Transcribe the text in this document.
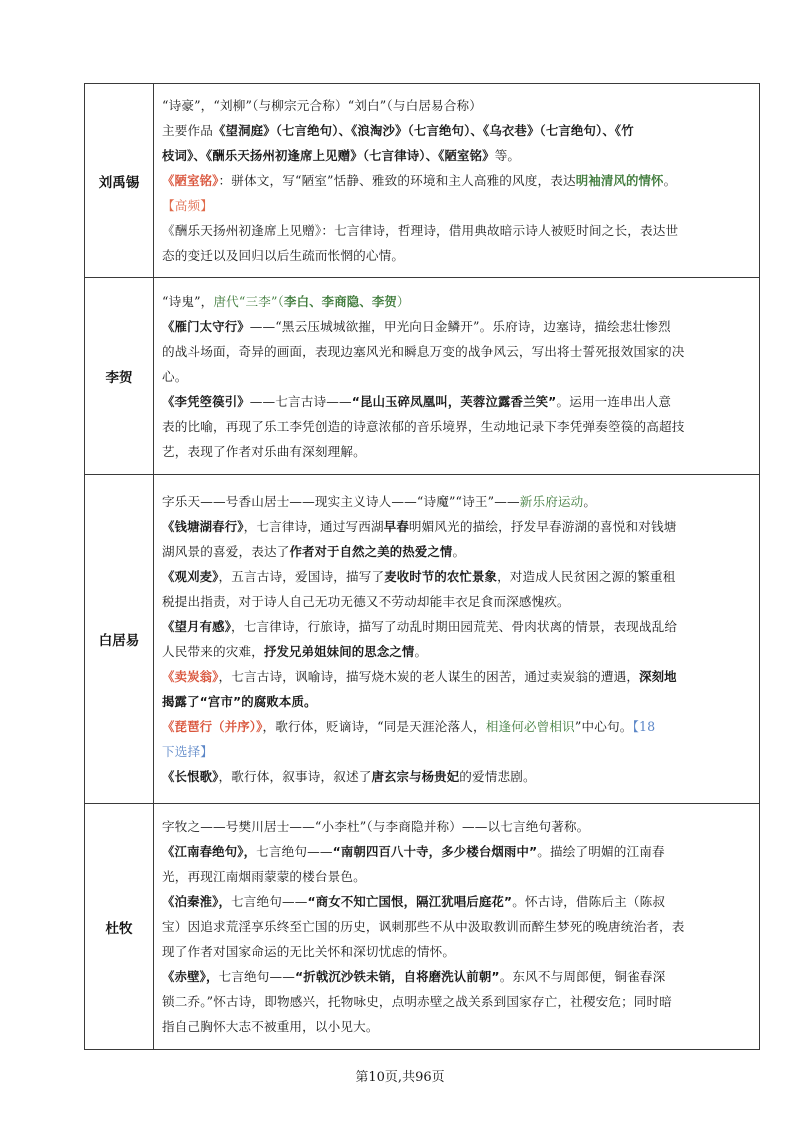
刘禹锡	
“诗豪”，“刘柳”（与柳宗元合称）“刘白”（与白居易合称）
主要作品《望洞庭》（七言绝句）、《浪淘沙》（七言绝句）、《乌衣巷》（七言绝句）、《竹
枝词》、《酬乐天扬州初逢席上见赠》（七言律诗）、《陋室铭》等。
《陋室铭》：骈体文，写“陋室”恬静、雅致的环境和主人高雅的风度，表达明袖清风的情怀。
【高频】
《酬乐天扬州初逢席上见赠》：七言律诗，哲理诗，借用典故暗示诗人被贬时间之长，表达世
态的变迁以及回归以后生疏而怅惘的心情。

李贺	
“诗鬼”，唐代“三李”（李白、李商隐、李贺）
《雁门太守行》——“黑云压城城欲摧，甲光向日金鳞开”。乐府诗，边塞诗，描绘悲壮惨烈
的战斗场面，奇异的画面，表现边塞风光和瞬息万变的战争风云，写出将士誓死报效国家的决
心。
《李凭箜篌引》——七言古诗——“昆山玉碎凤凰叫，芙蓉泣露香兰笑”。运用一连串出人意
表的比喻，再现了乐工李凭创造的诗意浓郁的音乐境界，生动地记录下李凭弹奏箜篌的高超技
艺，表现了作者对乐曲有深刻理解。

白居易	
字乐天——号香山居士——现实主义诗人——“诗魔”“诗王”——新乐府运动。
《钱塘湖春行》，七言律诗，通过写西湖早春明媚风光的描绘，抒发早春游湖的喜悦和对钱塘
湖风景的喜爱，表达了作者对于自然之美的热爱之情。
《观刈麦》，五言古诗，爱国诗，描写了麦收时节的农忙景象，对造成人民贫困之源的繁重租
税提出指责，对于诗人自己无功无德又不劳动却能丰衣足食而深感愧疚。
《望月有感》，七言律诗，行旅诗，描写了动乱时期田园荒芜、骨肉状离的情景，表现战乱给
人民带来的灾难，抒发兄弟姐妹间的思念之情。
《卖炭翁》，七言古诗，讽喻诗，描写烧木炭的老人谋生的困苦，通过卖炭翁的遭遇，深刻地
揭露了“宫市”的腐败本质。
《琵琶行（并序）》，歌行体，贬谪诗，“同是天涯沦落人，相逢何必曾相识”中心句。【18
下选择】
《长恨歌》，歌行体，叙事诗，叙述了唐玄宗与杨贵妃的爱情悲剧。

杜牧	
字牧之——号樊川居士——“小李杜”（与李商隐并称）——以七言绝句著称。
《江南春绝句》，七言绝句——“南朝四百八十寺，多少楼台烟雨中”。描绘了明媚的江南春
光，再现江南烟雨蒙蒙的楼台景色。
《泊秦淮》，七言绝句——“商女不知亡国恨，隔江犹唱后庭花”。怀古诗，借陈后主（陈叔
宝）因追求荒淫享乐终至亡国的历史，讽刺那些不从中汲取教训而醉生梦死的晚唐统治者，表
现了作者对国家命运的无比关怀和深切忧虑的情怀。
《赤壁》，七言绝句——“折戟沉沙铁未销，自将磨洗认前朝”。东风不与周郎便，铜雀春深
锁二乔。”怀古诗，即物感兴，托物咏史，点明赤壁之战关系到国家存亡，社稷安危；同时暗
指自己胸怀大志不被重用，以小见大。
第10页,共96页
